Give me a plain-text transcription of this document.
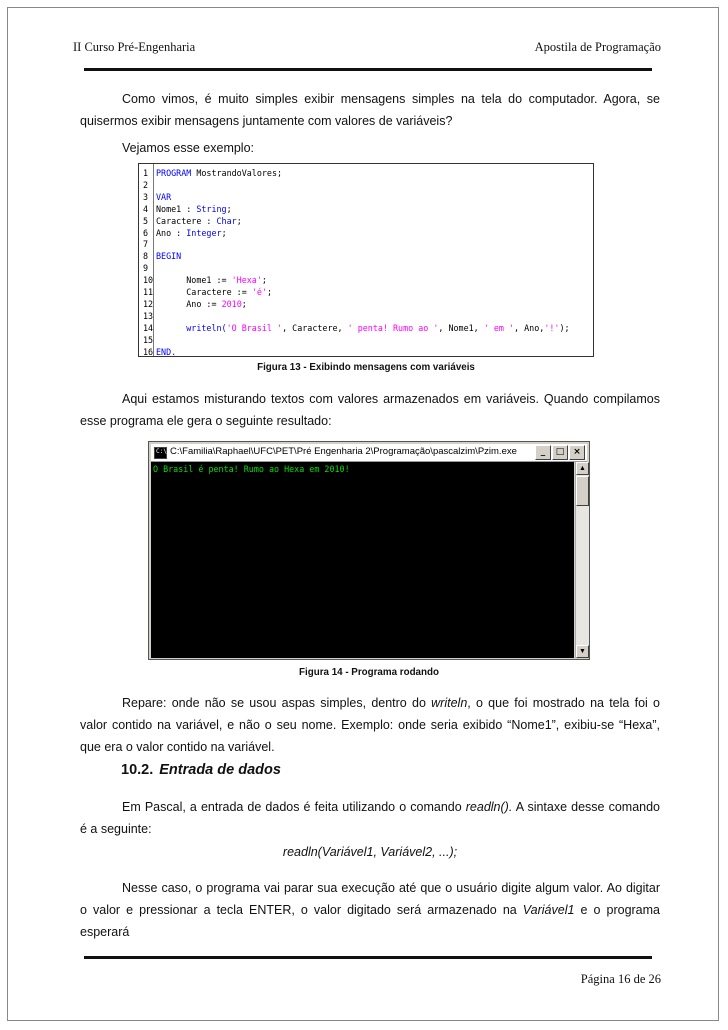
II Curso Pré-Engenharia	Apostila de Programação

Como vimos, é muito simples exibir mensagens simples na tela do computador. Agora, se quisermos exibir mensagens juntamente com valores de variáveis?

Vejamos esse exemplo:

1 PROGRAM MostrandoValores;
2
3 VAR
4 Nome1 : String;
5 Caractere : Char;
6 Ano : Integer;
7
8 BEGIN
9
10 Nome1 := 'Hexa';
11 Caractere := 'é';
12 Ano := 2010;
13
14 writeln('O Brasil ', Caractere, ' penta! Rumo ao ', Nome1, ' em ', Ano,'!');
15
16 END.

Figura 13 - Exibindo mensagens com variáveis

Aqui estamos misturando textos com valores armazenados em variáveis. Quando compilamos esse programa ele gera o seguinte resultado:

C:\ C:\Familia\Raphael\UFC\PET\Pré Engenharia 2\Programação\pascalzim\Pzim.exe	_	□ ×
O Brasil é penta! Rumo ao Hexa em 2010!	▲
▼

Figura 14 - Programa rodando

Repare: onde não se usou aspas simples, dentro do writeln, o que foi mostrado na tela foi o valor contido na variável, e não o seu nome. Exemplo: onde seria exibido “Nome1”, exibiu-se “Hexa”, que era o valor contido na variável.

10.2. Entrada de dados

Em Pascal, a entrada de dados é feita utilizando o comando readln(). A sintaxe desse comando é a seguinte:

readln(Variável1, Variável2, ...);

Nesse caso, o programa vai parar sua execução até que o usuário digite algum valor. Ao digitar o valor e pressionar a tecla ENTER, o valor digitado será armazenado na Variável1 e o programa esperará

Página 16 de 26
